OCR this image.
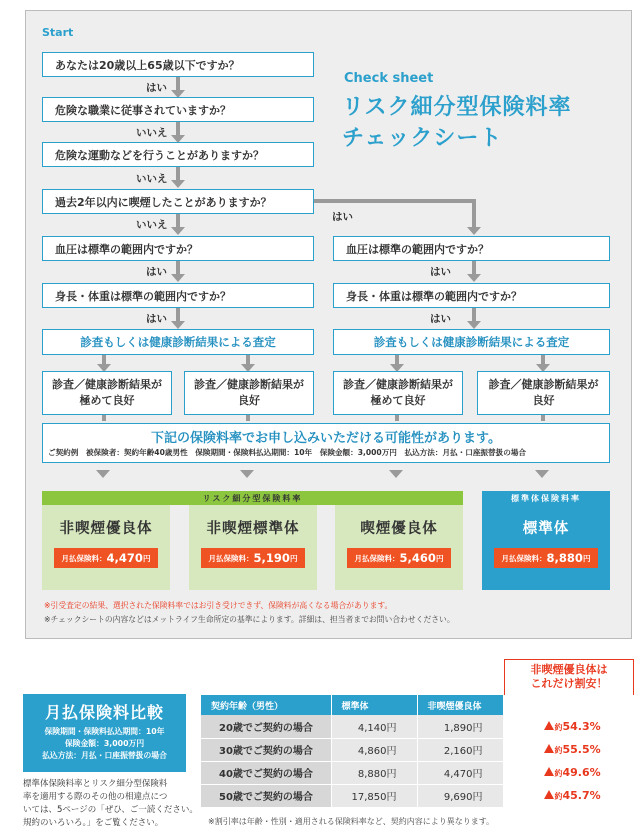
Start
Check sheet
リスク細分型保険料率
チェックシート
あなたは20歳以上65歳以下ですか？
はい
危険な職業に従事されていますか？
いいえ
危険な運動などを行うことがありますか？
いいえ
過去2年以内に喫煙したことがありますか？
いいえ
はい
血圧は標準の範囲内ですか？	血圧は標準の範囲内ですか？
はい	はい
身長・体重は標準の範囲内ですか？	身長・体重は標準の範囲内ですか？
はい	はい
診査もしくは健康診断結果による査定	診査もしくは健康診断結果による査定
診査／健康診断結果が
極めて良好
診査／健康診断結果が
良好
診査／健康診断結果が
極めて良好
診査／健康診断結果が
良好
下記の保険料率でお申し込みいただける可能性があります。
ご契約例　被保険者：契約年齢40歳男性　保険期間・保険料払込期間：10年　保険金額：3,000万円　払込方法：月払・口座振替扱の場合
リスク細分型保険料率	標準体保険料率
非喫煙優良体
月払保険料： 4,470 円
非喫煙標準体
月払保険料： 5,190 円
喫煙優良体
月払保険料： 5,460 円
標準体
月払保険料： 8,880 円
※引受査定の結果、選択された保険料率ではお引き受けできず、保険料が高くなる場合があります。
※チェックシートの内容などはメットライフ生命所定の基準によります。詳細は、担当者までお問い合わせください。
非喫煙優良体は
これだけ割安！
月払保険料比較
保険期間・保険料払込期間：10年
保険金額：3,000万円
払込方法：月払・口座振替扱の場合
標準体保険料率とリスク細分型保険料
率を適用する際のその他の相違点につ
いては、5ページの「ぜひ、ご一読ください。
規約のいろいろ。」をご覧ください。
契約年齢（男性）	標準体	非喫煙優良体	
20歳でご契約の場合	4,140円	1,890円	約54.3%
30歳でご契約の場合	4,860円	2,160円	約55.5%
40歳でご契約の場合	8,880円	4,470円	約49.6%
50歳でご契約の場合	17,850円	9,690円	約45.7%
※割引率は年齢・性別・適用される保険料率など、契約内容により異なります。
